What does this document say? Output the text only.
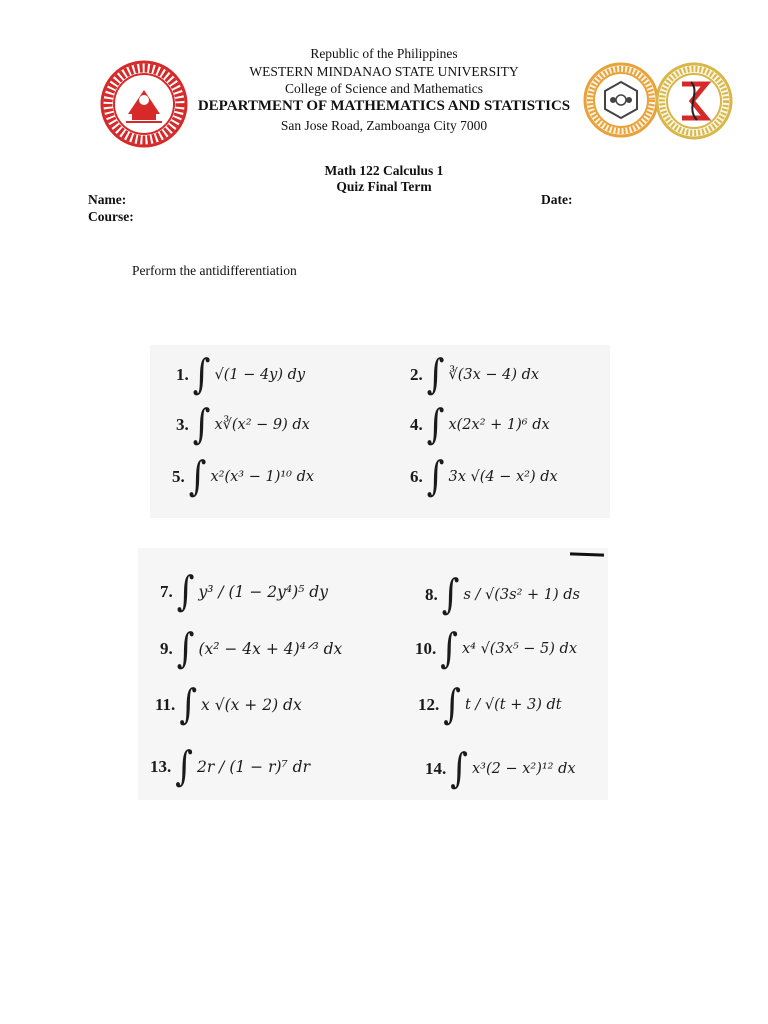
Republic of the Philippines
WESTERN MINDANAO STATE UNIVERSITY
College of Science and Mathematics
DEPARTMENT OF MATHEMATICS AND STATISTICS
San Jose Road, Zamboanga City 7000
Math 122 Calculus 1
Quiz Final Term
Name:	Date:
Course:
Perform the antidifferentiation
1. ∫ √(1 − 4y) dy	2. ∫ ∛(3x − 4) dx
3. ∫ x∛(x² − 9) dx	4. ∫ x(2x² + 1)⁶ dx
5. ∫ x²(x³ − 1)¹⁰ dx	6. ∫ 3x √(4 − x²) dx
7. ∫ y³ / (1 − 2y⁴)⁵ dy	8. ∫ s / √(3s² + 1) ds
9. ∫ (x² − 4x + 4)⁴ᐟ³ dx	10. ∫ x⁴ √(3x⁵ − 5) dx
11. ∫ x √(x + 2) dx	12. ∫ t / √(t + 3) dt
13. ∫ 2r / (1 − r)⁷ dr	14. ∫ x³(2 − x²)¹² dx
